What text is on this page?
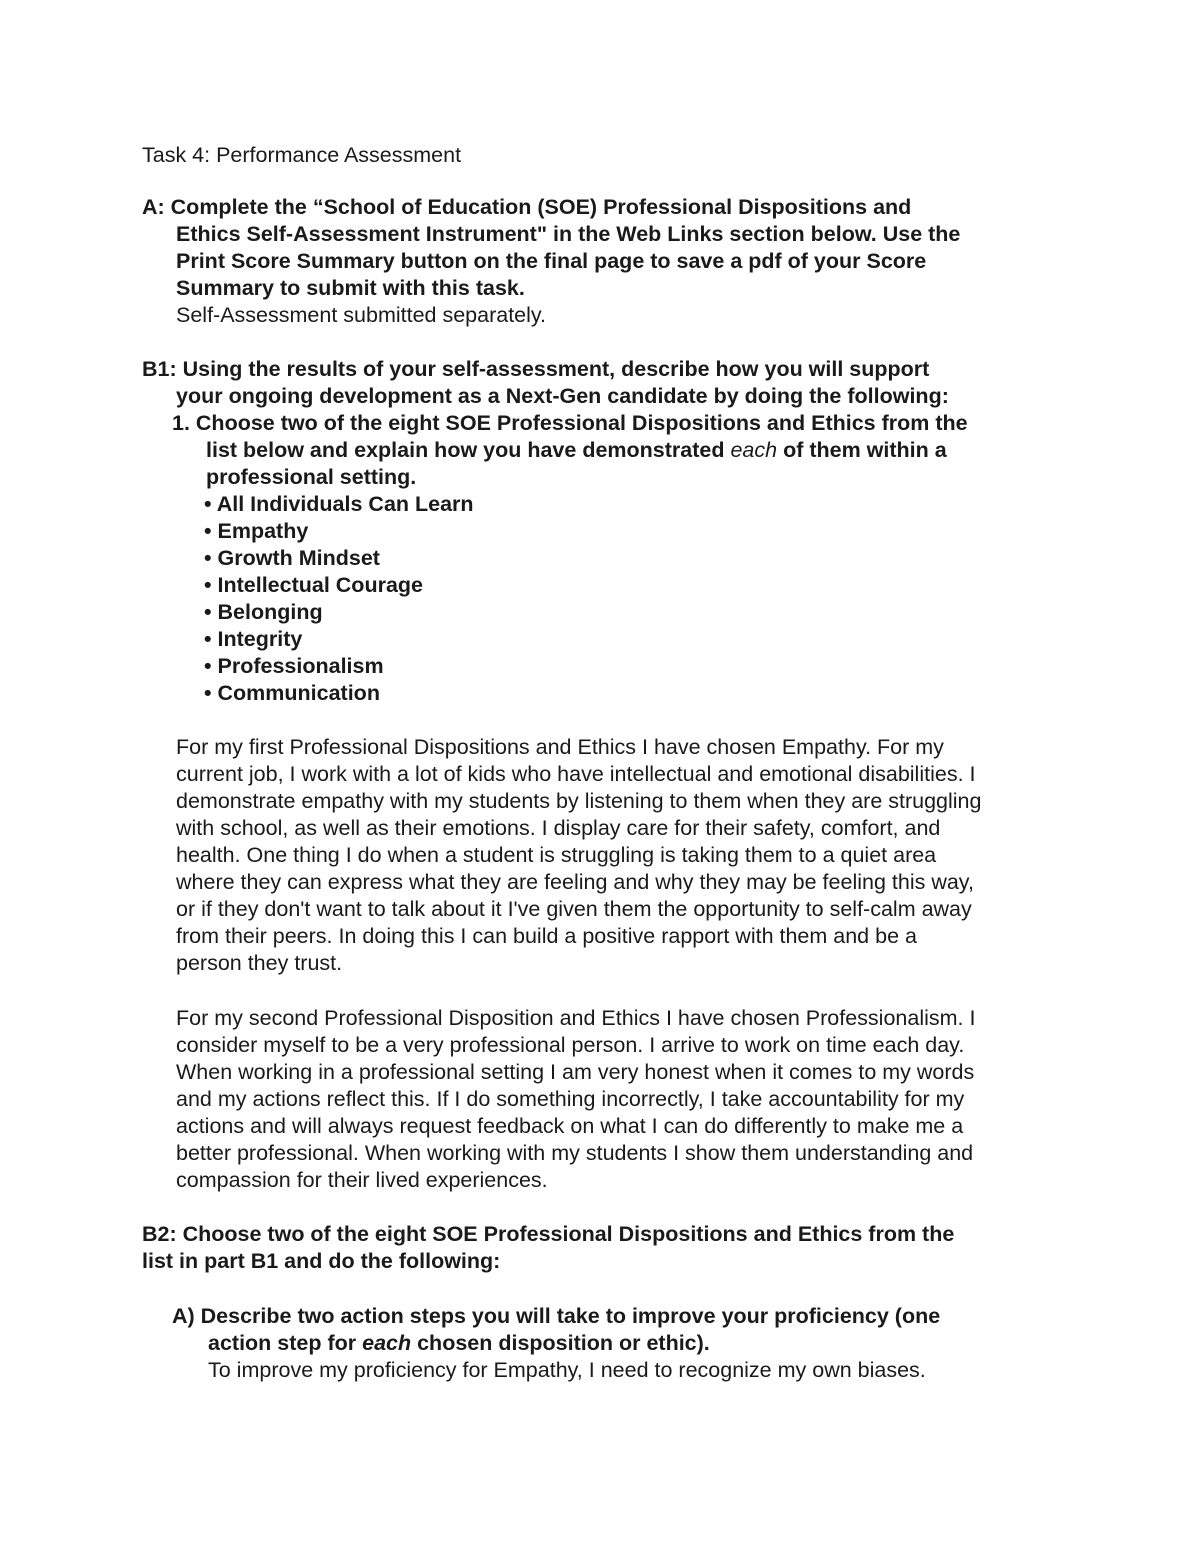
Task 4: Performance Assessment
A: Complete the “School of Education (SOE) Professional Dispositions and
Ethics Self-Assessment Instrument" in the Web Links section below. Use the
Print Score Summary button on the final page to save a pdf of your Score
Summary to submit with this task.
Self-Assessment submitted separately.
B1: Using the results of your self-assessment, describe how you will support
your ongoing development as a Next-Gen candidate by doing the following:
1. Choose two of the eight SOE Professional Dispositions and Ethics from the
list below and explain how you have demonstrated each of them within a
professional setting.
• All Individuals Can Learn
• Empathy
• Growth Mindset
• Intellectual Courage
• Belonging
• Integrity
• Professionalism
• Communication
For my first Professional Dispositions and Ethics I have chosen Empathy. For my
current job, I work with a lot of kids who have intellectual and emotional disabilities. I
demonstrate empathy with my students by listening to them when they are struggling
with school, as well as their emotions. I display care for their safety, comfort, and
health. One thing I do when a student is struggling is taking them to a quiet area
where they can express what they are feeling and why they may be feeling this way,
or if they don't want to talk about it I've given them the opportunity to self-calm away
from their peers. In doing this I can build a positive rapport with them and be a
person they trust.
For my second Professional Disposition and Ethics I have chosen Professionalism. I
consider myself to be a very professional person. I arrive to work on time each day.
When working in a professional setting I am very honest when it comes to my words
and my actions reflect this. If I do something incorrectly, I take accountability for my
actions and will always request feedback on what I can do differently to make me a
better professional. When working with my students I show them understanding and
compassion for their lived experiences.
B2: Choose two of the eight SOE Professional Dispositions and Ethics from the
list in part B1 and do the following:
A) Describe two action steps you will take to improve your proficiency (one
action step for each chosen disposition or ethic).
To improve my proficiency for Empathy, I need to recognize my own biases.
